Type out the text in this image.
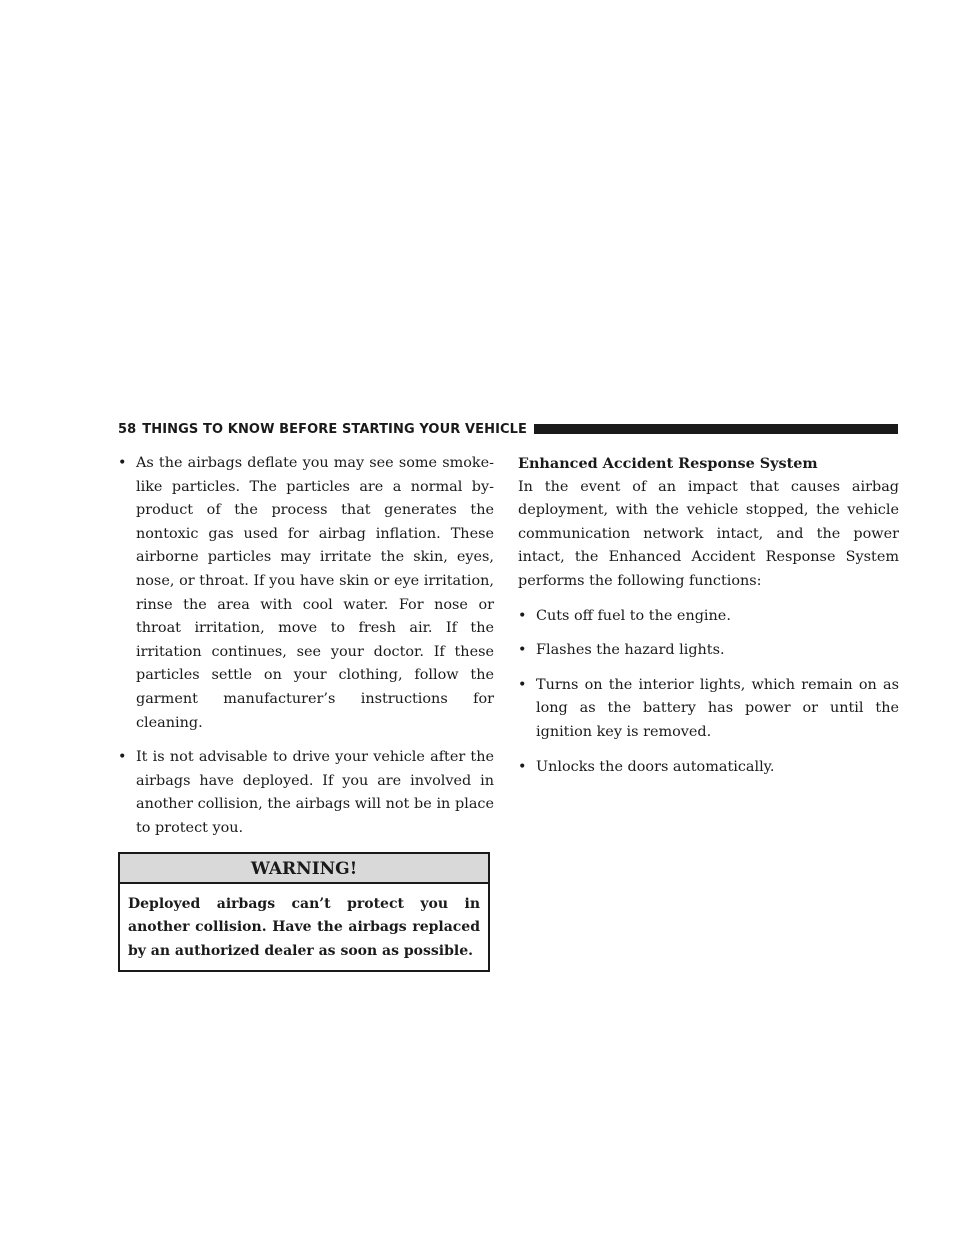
58 THINGS TO KNOW BEFORE STARTING YOUR VEHICLE

• As the airbags deflate you may see some smoke-like particles. The particles are a normal by-product of the process that generates the nontoxic gas used for airbag inflation. These airborne particles may irritate the skin, eyes, nose, or throat. If you have skin or eye irritation, rinse the area with cool water. For nose or throat irritation, move to fresh air. If the irritation continues, see your doctor. If these particles settle on your clothing, follow the garment manufacturer’s instructions for cleaning.

• It is not advisable to drive your vehicle after the airbags have deployed. If you are involved in another collision, the airbags will not be in place to protect you.

WARNING!
Deployed airbags can’t protect you in another collision. Have the airbags replaced by an authorized dealer as soon as possible.

Enhanced Accident Response System

In the event of an impact that causes airbag deployment, with the vehicle stopped, the vehicle communication network intact, and the power intact, the Enhanced Accident Response System performs the following functions:

• Cuts off fuel to the engine.

• Flashes the hazard lights.

• Turns on the interior lights, which remain on as long as the battery has power or until the ignition key is removed.

• Unlocks the doors automatically.
